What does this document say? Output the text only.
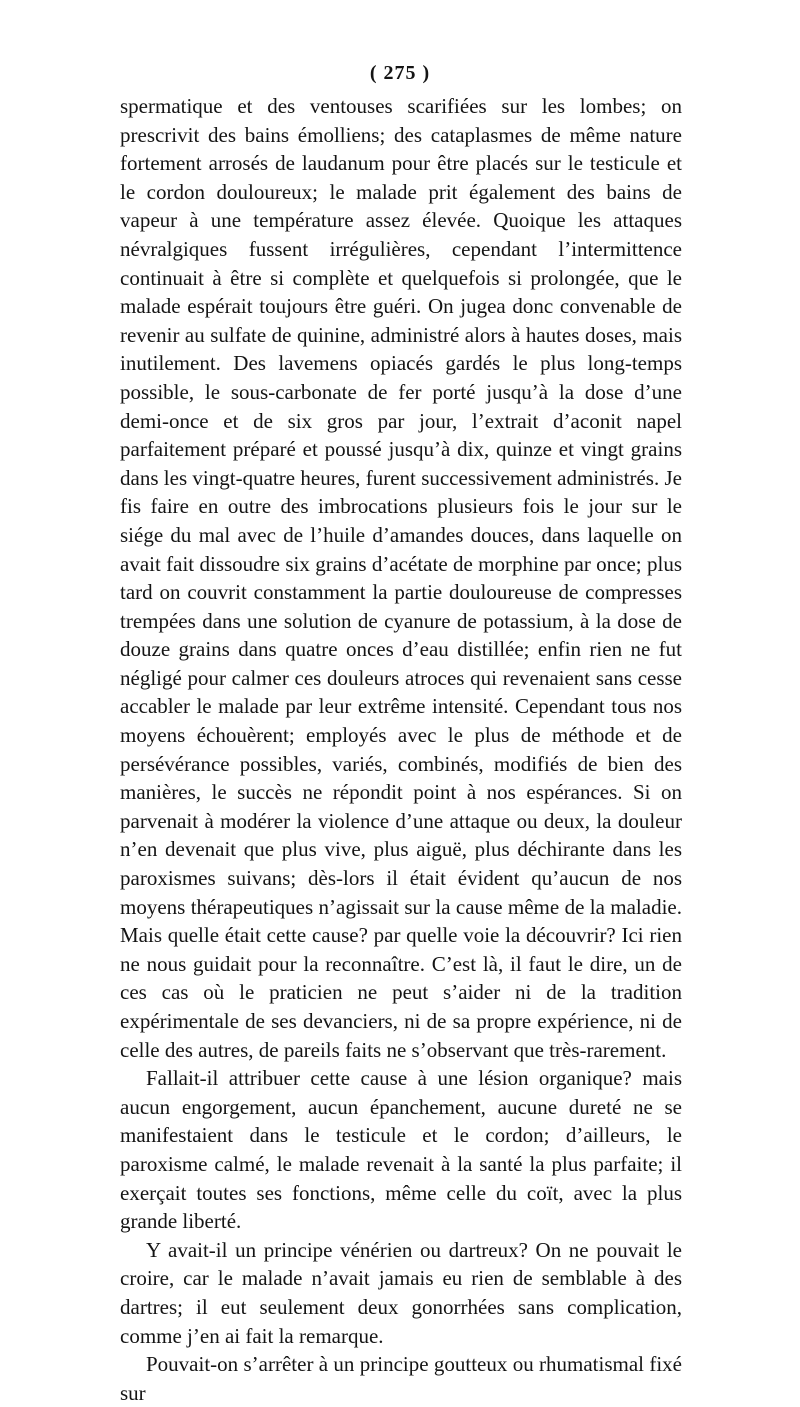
( 275 )

spermatique et des ventouses scarifiées sur les lombes; on prescrivit des bains émolliens; des cataplasmes de même nature fortement arrosés de laudanum pour être placés sur le testicule et le cordon douloureux; le malade prit également des bains de vapeur à une température assez élevée. Quoique les attaques névralgiques fussent irrégulières, cependant l’intermittence continuait à être si complète et quelquefois si prolongée, que le malade espérait toujours être guéri. On jugea donc convenable de revenir au sulfate de quinine, administré alors à hautes doses, mais inutilement. Des lavemens opiacés gardés le plus long-temps possible, le sous-carbonate de fer porté jusqu’à la dose d’une demi-once et de six gros par jour, l’extrait d’aconit napel parfaitement préparé et poussé jusqu’à dix, quinze et vingt grains dans les vingt-quatre heures, furent successivement administrés. Je fis faire en outre des imbrocations plusieurs fois le jour sur le siége du mal avec de l’huile d’amandes douces, dans laquelle on avait fait dissoudre six grains d’acétate de morphine par once; plus tard on couvrit constamment la partie douloureuse de compresses trempées dans une solution de cyanure de potassium, à la dose de douze grains dans quatre onces d’eau distillée; enfin rien ne fut négligé pour calmer ces douleurs atroces qui revenaient sans cesse accabler le malade par leur extrême intensité. Cependant tous nos moyens échouèrent; employés avec le plus de méthode et de persévérance possibles, variés, combinés, modifiés de bien des manières, le succès ne répondit point à nos espérances. Si on parvenait à modérer la violence d’une attaque ou deux, la douleur n’en devenait que plus vive, plus aiguë, plus déchirante dans les paroxismes suivans; dès-lors il était évident qu’aucun de nos moyens thérapeutiques n’agissait sur la cause même de la maladie. Mais quelle était cette cause? par quelle voie la découvrir? Ici rien ne nous guidait pour la reconnaître. C’est là, il faut le dire, un de ces cas où le praticien ne peut s’aider ni de la tradition expérimentale de ses devanciers, ni de sa propre expérience, ni de celle des autres, de pareils faits ne s’observant que très-rarement.

Fallait-il attribuer cette cause à une lésion organique? mais aucun engorgement, aucun épanchement, aucune dureté ne se manifestaient dans le testicule et le cordon; d’ailleurs, le paroxisme calmé, le malade revenait à la santé la plus parfaite; il exerçait toutes ses fonctions, même celle du coït, avec la plus grande liberté.

Y avait-il un principe vénérien ou dartreux? On ne pouvait le croire, car le malade n’avait jamais eu rien de semblable à des dartres; il eut seulement deux gonorrhées sans complication, comme j’en ai fait la remarque.

Pouvait-on s’arrêter à un principe goutteux ou rhumatismal fixé sur
